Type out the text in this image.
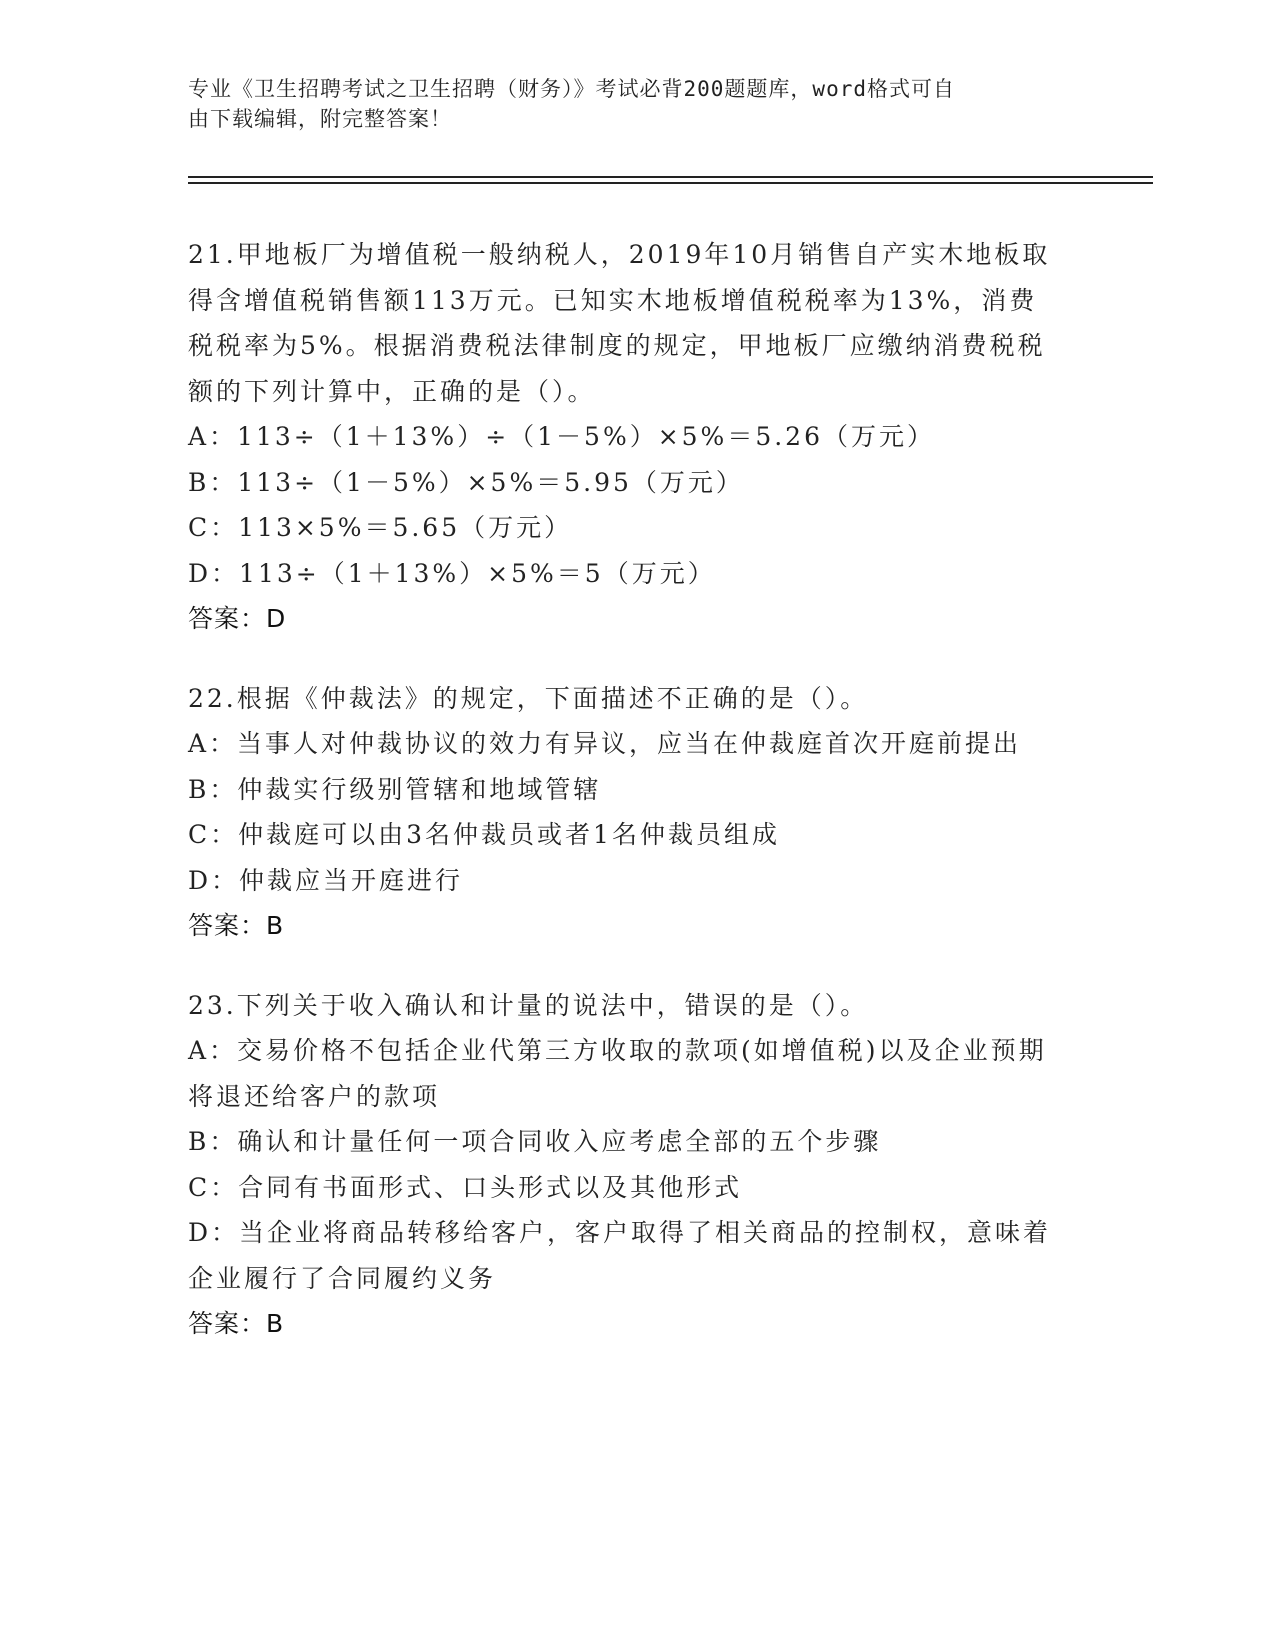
专业《卫生招聘考试之卫生招聘（财务）》考试必背200题题库，word格式可自
由下载编辑，附完整答案！

21.甲地板厂为增值税一般纳税人，2019年10月销售自产实木地板取

得含增值税销售额113万元。已知实木地板增值税税率为13%，消费

税税率为5%。根据消费税法律制度的规定，甲地板厂应缴纳消费税税

额的下列计算中，正确的是（）。

A：113÷（1＋13%）÷（1－5%）×5%＝5.26（万元）

B：113÷（1－5%）×5%＝5.95（万元）

C：113×5%＝5.65（万元）

D：113÷（1＋13%）×5%＝5（万元）

答案：D

22.根据《仲裁法》的规定，下面描述不正确的是（）。

A：当事人对仲裁协议的效力有异议，应当在仲裁庭首次开庭前提出

B：仲裁实行级别管辖和地域管辖

C：仲裁庭可以由3名仲裁员或者1名仲裁员组成

D：仲裁应当开庭进行

答案：B

23.下列关于收入确认和计量的说法中，错误的是（）。

A：交易价格不包括企业代第三方收取的款项(如增值税)以及企业预期

将退还给客户的款项

B：确认和计量任何一项合同收入应考虑全部的五个步骤

C：合同有书面形式、口头形式以及其他形式

D：当企业将商品转移给客户，客户取得了相关商品的控制权，意味着

企业履行了合同履约义务

答案：B
